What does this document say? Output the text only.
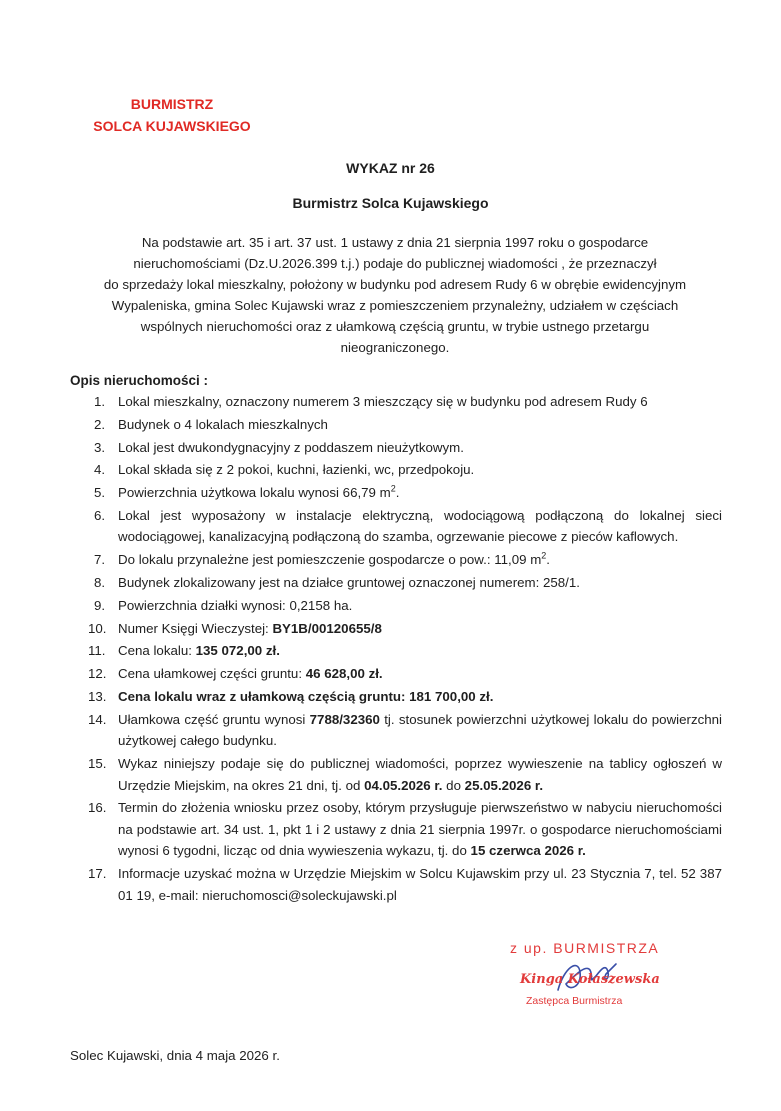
BURMISTRZ
SOLCA KUJAWSKIEGO
WYKAZ nr 26
Burmistrz Solca Kujawskiego
Na podstawie art. 35 i art. 37 ust. 1 ustawy z dnia 21 sierpnia 1997 roku o gospodarce
nieruchomościami (Dz.U.2026.399 t.j.) podaje do publicznej wiadomości , że przeznaczył
do sprzedaży lokal mieszkalny, położony w budynku pod adresem Rudy 6 w obrębie ewidencyjnym
Wypaleniska, gmina Solec Kujawski wraz z pomieszczeniem przynależny, udziałem w częściach
wspólnych nieruchomości oraz z ułamkową częścią gruntu, w trybie ustnego przetargu
nieograniczonego.
Opis nieruchomości :
1. Lokal mieszkalny, oznaczony numerem 3 mieszczący się w budynku pod adresem Rudy 6
2. Budynek o 4 lokalach mieszkalnych
3. Lokal jest dwukondygnacyjny z poddaszem nieużytkowym.
4. Lokal składa się z 2 pokoi, kuchni, łazienki, wc, przedpokoju.
5. Powierzchnia użytkowa lokalu wynosi 66,79 $m^2$.
6. Lokal jest wyposażony w instalacje elektryczną, wodociągową podłączoną do lokalnej sieci wodociągowej, kanalizacyjną podłączoną do szamba, ogrzewanie piecowe z pieców kaflowych.
7. Do lokalu przynależne jest pomieszczenie gospodarcze o pow.: 11,09 $m^2$.
8. Budynek zlokalizowany jest na działce gruntowej oznaczonej numerem: 258/1.
9. Powierzchnia działki wynosi: 0,2158 ha.
10. Numer Księgi Wieczystej: BY1B/00120655/8
11. Cena lokalu: 135 072,00 zł.
12. Cena ułamkowej części gruntu: 46 628,00 zł.
13. Cena lokalu wraz z ułamkową częścią gruntu: 181 700,00 zł.
14. Ułamkowa część gruntu wynosi 7788/32360 tj. stosunek powierzchni użytkowej lokalu do powierzchni użytkowej całego budynku.
15. Wykaz niniejszy podaje się do publicznej wiadomości, poprzez wywieszenie na tablicy ogłoszeń w Urzędzie Miejskim, na okres 21 dni, tj. od 04.05.2026 r. do 25.05.2026 r.
16. Termin do złożenia wniosku przez osoby, którym przysługuje pierwszeństwo w nabyciu nieruchomości na podstawie art. 34 ust. 1, pkt 1 i 2 ustawy z dnia 21 sierpnia 1997r. o gospodarce nieruchomościami wynosi 6 tygodni, licząc od dnia wywieszenia wykazu, tj. do 15 czerwca 2026 r.
17. Informacje uzyskać można w Urzędzie Miejskim w Solcu Kujawskim przy ul. 23 Stycznia 7, tel. 52 387 01 19, e-mail: nieruchomosci@soleckujawski.pl
z up. BURMISTRZA
Kinga Kołaszewska
Zastępca Burmistrza
Solec Kujawski, dnia 4 maja 2026 r.
